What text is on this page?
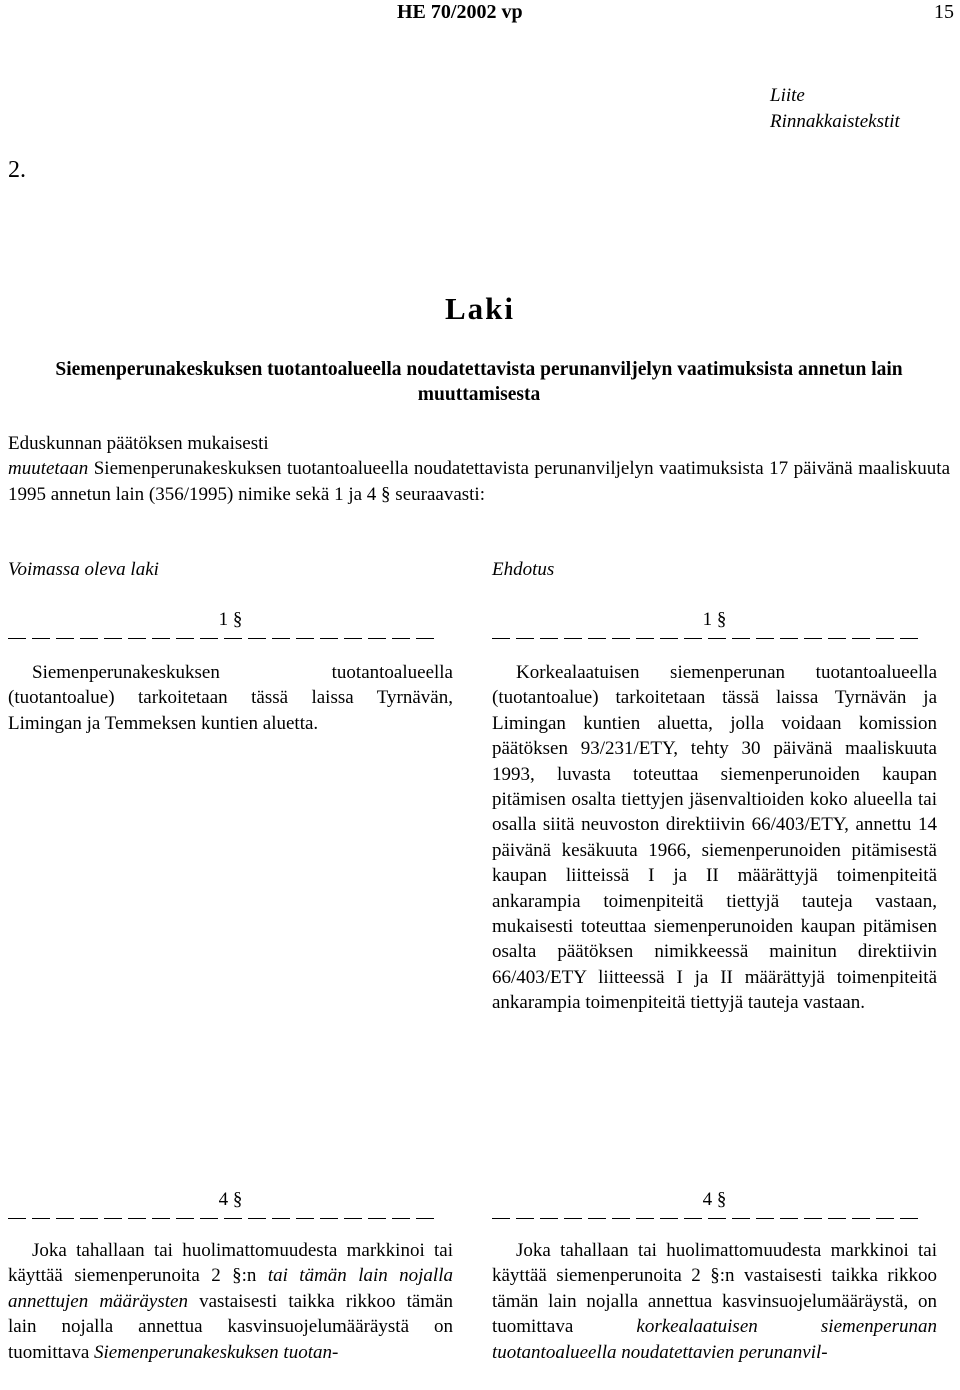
HE 70/2002 vp	15
Liite
Rinnakkaistekstit
2.
Laki
Siemenperunakeskuksen tuotantoalueella noudatettavista perunanviljelyn vaatimuksista annetun lain muuttamisesta
Eduskunnan päätöksen mukaisesti
muutetaan Siemenperunakeskuksen tuotantoalueella noudatettavista perunanviljelyn vaatimuksista 17 päivänä maaliskuuta 1995 annetun lain (356/1995) nimike sekä 1 ja 4 § seuraavasti:
Voimassa oleva laki	Ehdotus
1 §	1 §
Siemenperunakeskuksen tuotantoalueella (tuotantoalue) tarkoitetaan tässä laissa Tyrnävän, Limingan ja Temmeksen kuntien aluetta.
Korkealaatuisen siemenperunan tuotantoalueella (tuotantoalue) tarkoitetaan tässä laissa Tyrnävän ja Limingan kuntien aluetta, jolla voidaan komission päätöksen 93/231/ETY, tehty 30 päivänä maaliskuuta 1993, luvasta toteuttaa siemenperunoiden kaupan pitämisen osalta tiettyjen jäsenvaltioiden koko alueella tai osalla siitä neuvoston direktiivin 66/403/ETY, annettu 14 päivänä kesäkuuta 1966, siemenperunoiden pitämisestä kaupan liitteissä I ja II määrättyjä toimenpiteitä ankarampia toimenpiteitä tiettyjä tauteja vastaan, mukaisesti toteuttaa siemenperunoiden kaupan pitämisen osalta päätöksen nimikkeessä mainitun direktiivin 66/403/ETY liitteessä I ja II määrättyjä toimenpiteitä ankarampia toimenpiteitä tiettyjä tauteja vastaan.
4 §	4 §
Joka tahallaan tai huolimattomuudesta markkinoi tai käyttää siemenperunoita 2 §:n tai tämän lain nojalla annettujen määräysten vastaisesti taikka rikkoo tämän lain nojalla annettua kasvinsuojelumääräystä on tuomittava Siemenperunakeskuksen tuotan-
Joka tahallaan tai huolimattomuudesta markkinoi tai käyttää siemenperunoita 2 §:n vastaisesti taikka rikkoo tämän lain nojalla annettua kasvinsuojelumääräystä, on tuomittava	korkealaatuisen siemenperunan tuotantoalueella noudatettavien perunanvil-
